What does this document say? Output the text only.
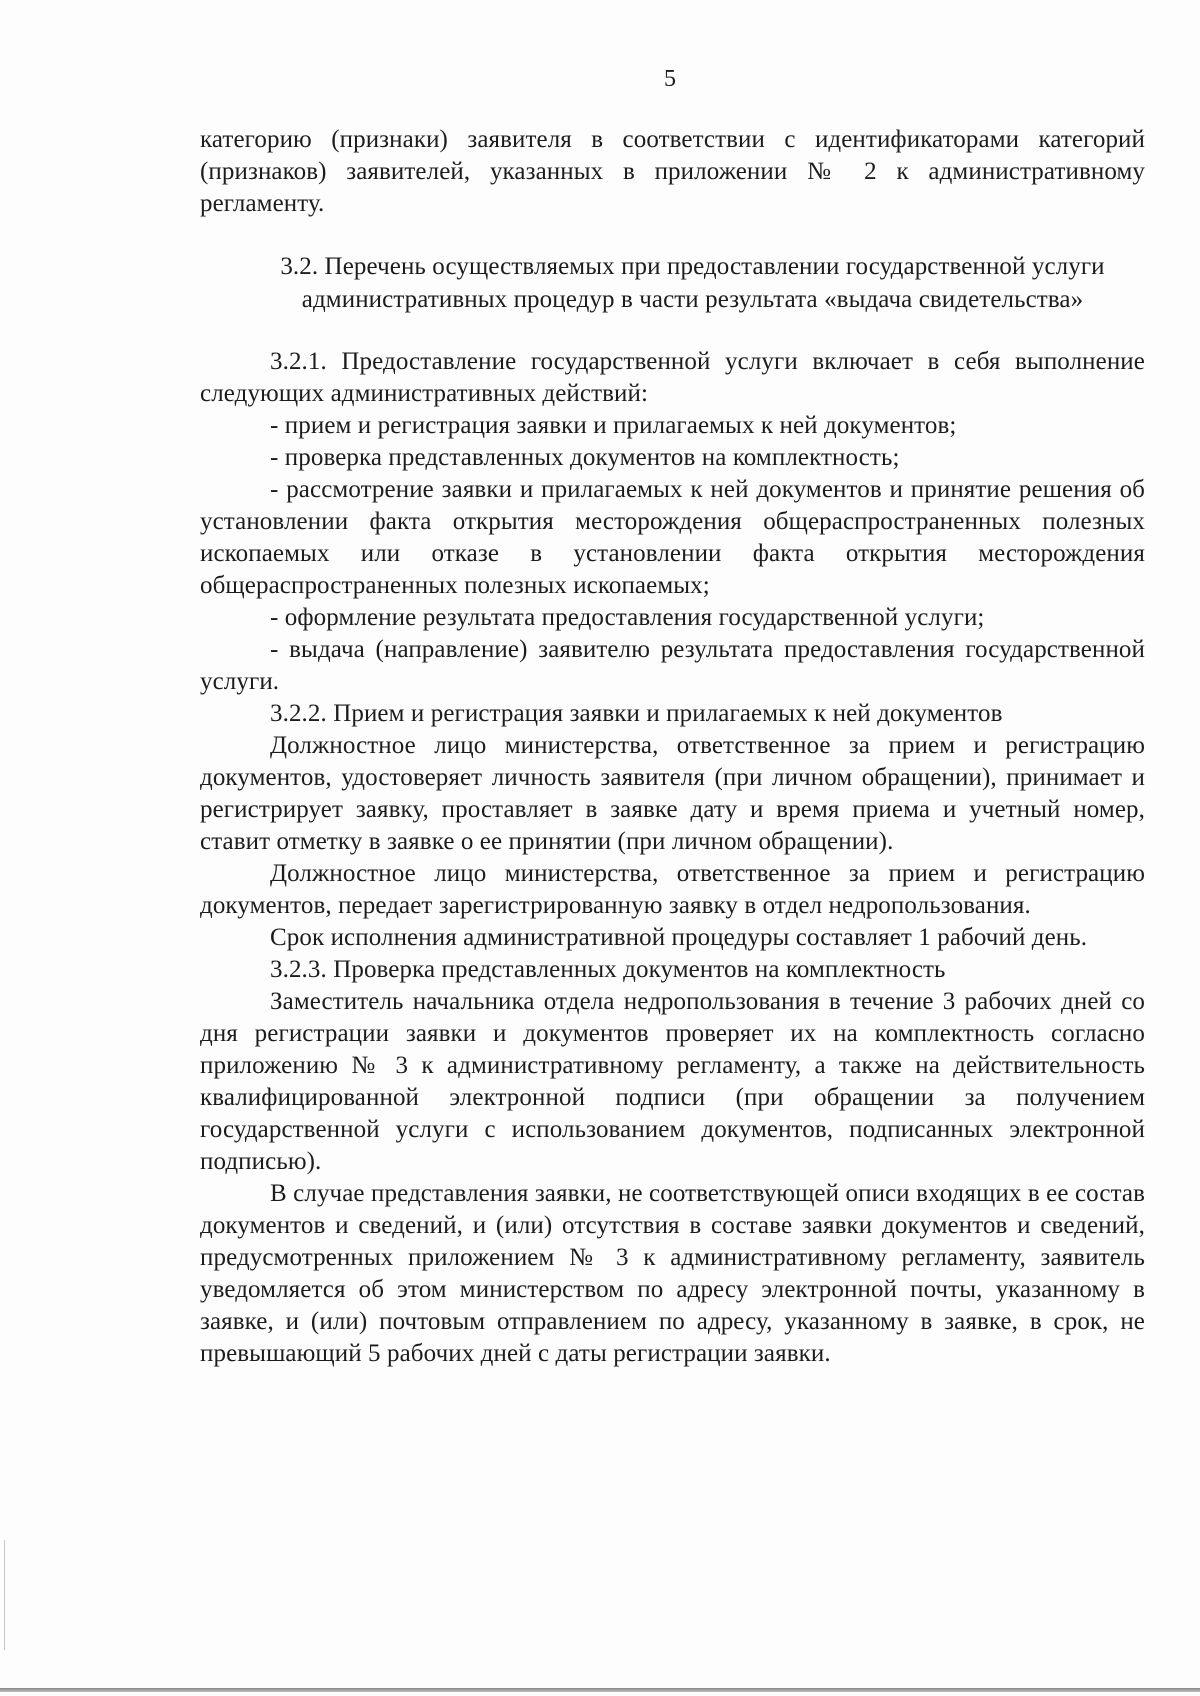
5

категорию (признаки) заявителя в соответствии с идентификаторами категорий (признаков) заявителей, указанных в приложении № 2 к административному регламенту.

3.2. Перечень осуществляемых при предоставлении государственной услуги административных процедур в части результата «выдача свидетельства»

3.2.1. Предоставление государственной услуги включает в себя выполнение следующих административных действий:

- прием и регистрация заявки и прилагаемых к ней документов;

- проверка представленных документов на комплектность;

- рассмотрение заявки и прилагаемых к ней документов и принятие решения об установлении факта открытия месторождения общераспространенных полезных ископаемых или отказе в установлении факта открытия месторождения общераспространенных полезных ископаемых;

- оформление результата предоставления государственной услуги;

- выдача (направление) заявителю результата предоставления государственной услуги.

3.2.2. Прием и регистрация заявки и прилагаемых к ней документов

Должностное лицо министерства, ответственное за прием и регистрацию документов, удостоверяет личность заявителя (при личном обращении), принимает и регистрирует заявку, проставляет в заявке дату и время приема и учетный номер, ставит отметку в заявке о ее принятии (при личном обращении).

Должностное лицо министерства, ответственное за прием и регистрацию документов, передает зарегистрированную заявку в отдел недропользования.

Срок исполнения административной процедуры составляет 1 рабочий день.

3.2.3. Проверка представленных документов на комплектность

Заместитель начальника отдела недропользования в течение 3 рабочих дней со дня регистрации заявки и документов проверяет их на комплектность согласно приложению № 3 к административному регламенту, а также на действительность квалифицированной электронной подписи (при обращении за получением государственной услуги с использованием документов, подписанных электронной подписью).

В случае представления заявки, не соответствующей описи входящих в ее состав документов и сведений, и (или) отсутствия в составе заявки документов и сведений, предусмотренных приложением № 3 к административному регламенту, заявитель уведомляется об этом министерством по адресу электронной почты, указанному в заявке, и (или) почтовым отправлением по адресу, указанному в заявке, в срок, не превышающий 5 рабочих дней с даты регистрации заявки.
